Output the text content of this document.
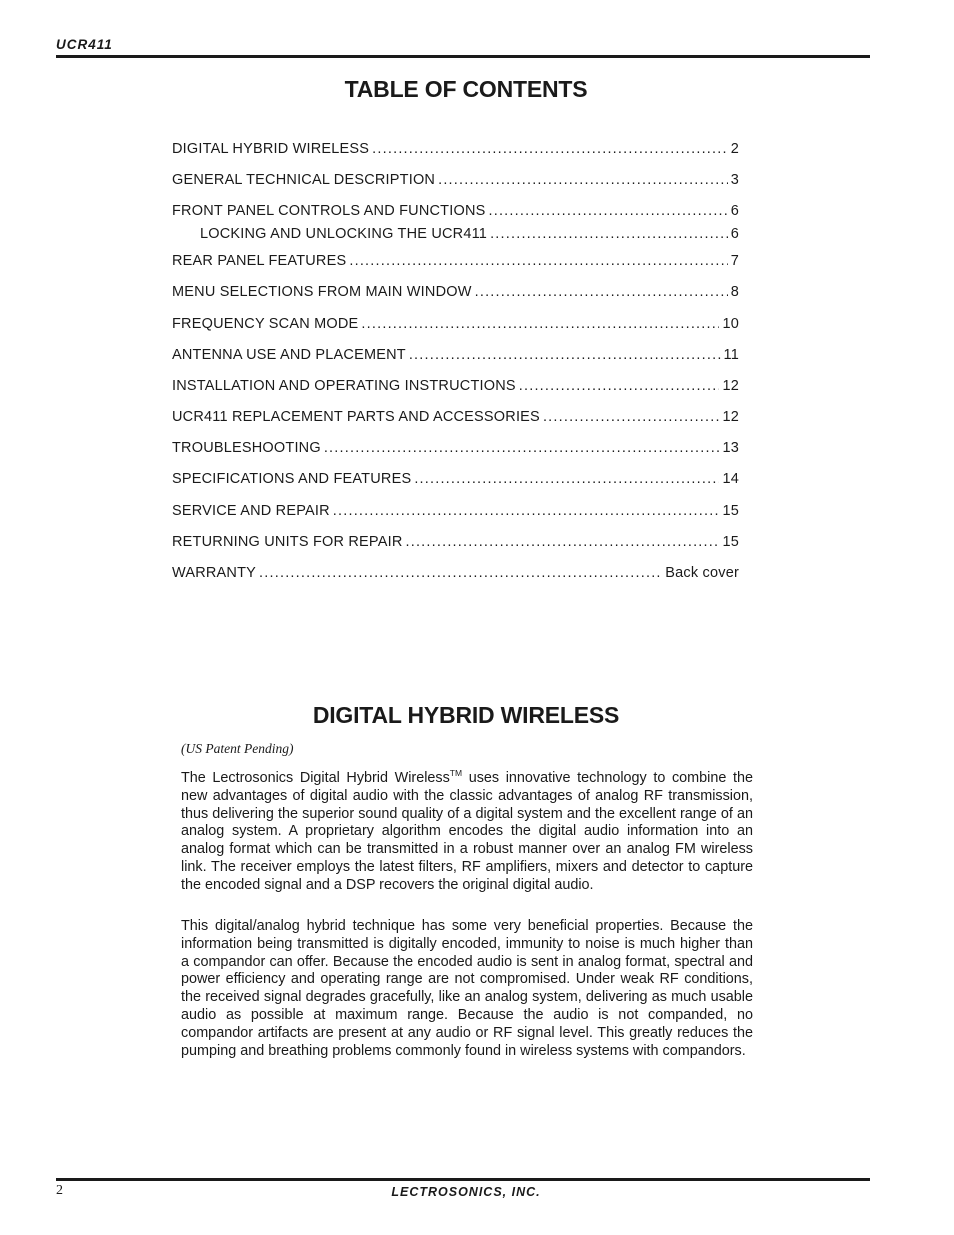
UCR411
TABLE OF CONTENTS
DIGITAL HYBRID WIRELESS .....	2
GENERAL TECHNICAL DESCRIPTION .....	3
FRONT PANEL CONTROLS AND FUNCTIONS .....	6
LOCKING AND UNLOCKING THE UCR411 .....	6
REAR PANEL FEATURES .....	7
MENU SELECTIONS FROM MAIN WINDOW .....	8
FREQUENCY SCAN MODE .....	10
ANTENNA USE AND PLACEMENT .....	11
INSTALLATION AND OPERATING INSTRUCTIONS .....	12
UCR411 REPLACEMENT PARTS AND ACCESSORIES .....	12
TROUBLESHOOTING .....	13
SPECIFICATIONS AND FEATURES .....	14
SERVICE AND REPAIR .....	15
RETURNING UNITS FOR REPAIR .....	15
WARRANTY .....	Back cover
DIGITAL HYBRID WIRELESS
(US Patent Pending)

The Lectrosonics Digital Hybrid Wireless™ uses innovative technology to combine the new advantages of digital audio with the classic advantages of analog RF transmission, thus delivering the superior sound quality of a digital system and the excellent range of an analog system. A proprietary algorithm encodes the digital audio information into an analog format which can be transmitted in a robust manner over an analog FM wireless link. The receiver employs the latest filters, RF amplifiers, mixers and detector to capture the encoded signal and a DSP recovers the original digital audio.

This digital/analog hybrid technique has some very beneficial properties. Because the information being transmitted is digitally encoded, immunity to noise is much higher than a compandor can offer. Because the encoded audio is sent in analog format, spectral and power efficiency and operating range are not compromised. Under weak RF conditions, the received signal degrades gracefully, like an analog system, delivering as much usable audio as possible at maximum range. Because the audio is not companded, no compandor artifacts are present at any audio or RF signal level. This greatly reduces the pumping and breathing problems commonly found in wireless systems with compandors.

2	LECTROSONICS, INC.
